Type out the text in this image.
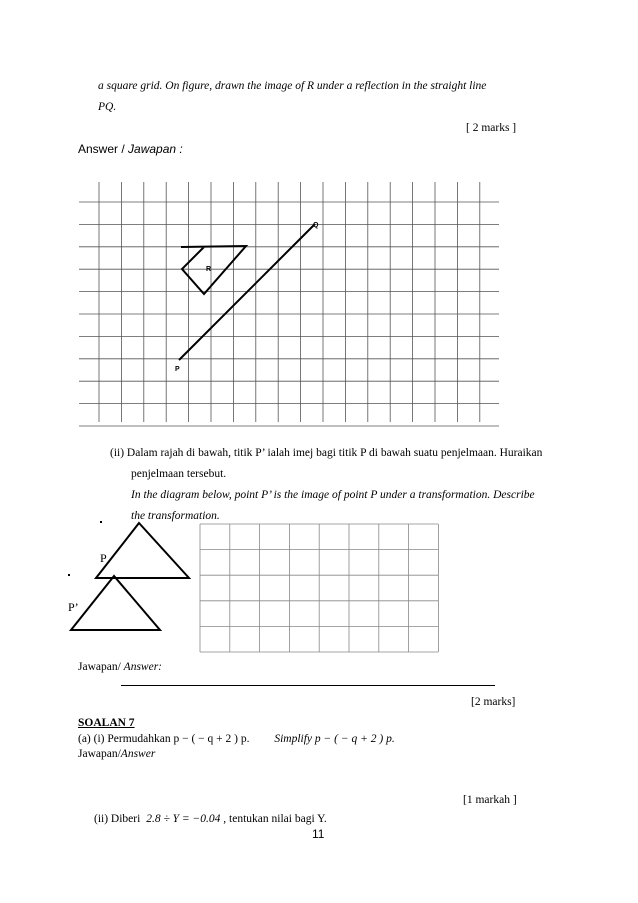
a square grid. On figure, drawn the image of R under a reflection in the straight line
PQ.
[ 2 marks ]
Answer / Jawapan :
Q
R
P
(ii) Dalam rajah di bawah, titik P’ ialah imej bagi titik P di bawah suatu penjelmaan. Huraikan
penjelmaan tersebut.
In the diagram below, point P’ is the image of point P under a transformation. Describe
the transformation.
P
P’
Jawapan/ Answer:
[2 marks]
SOALAN 7
(a) (i) Permudahkan p − ( − q + 2 ) p. Simplify p − ( − q + 2 ) p.
Jawapan/Answer
[1 markah ]
(ii) Diberi 2.8 ÷ Y = −0.04 , tentukan nilai bagi Y.
11
